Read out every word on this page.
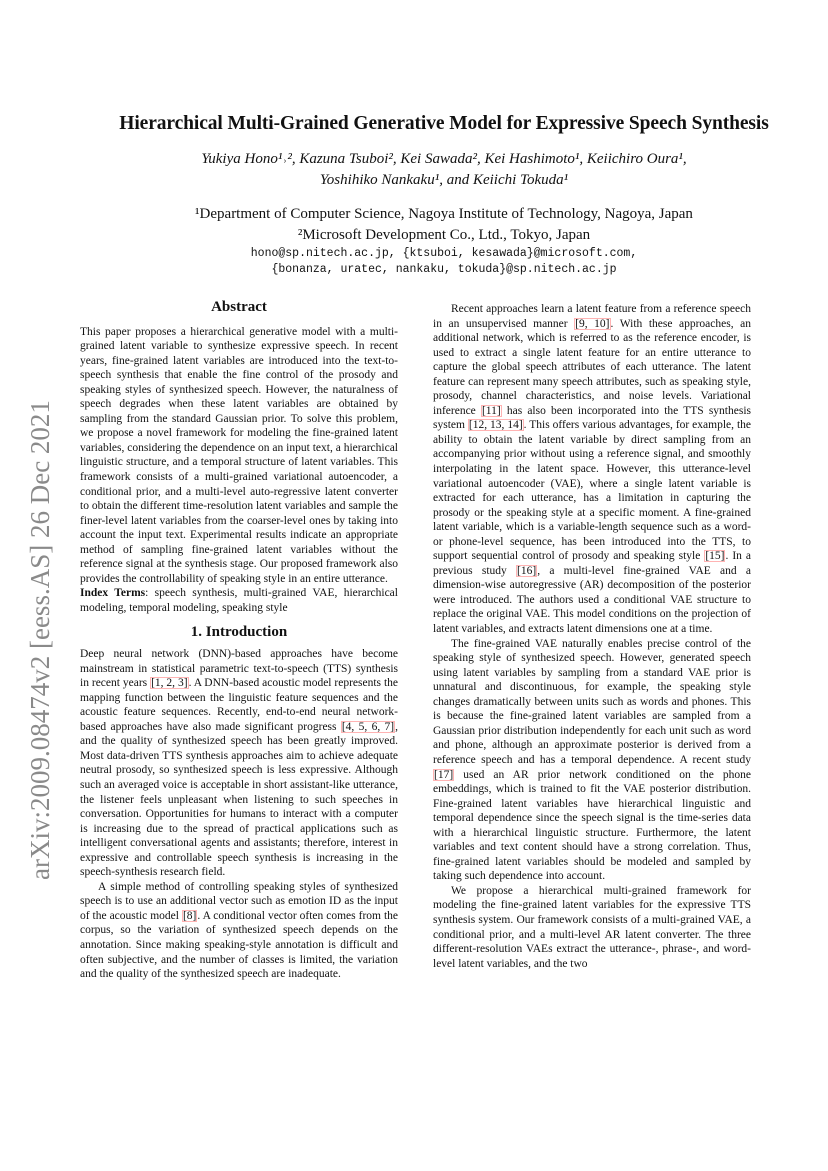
Hierarchical Multi-Grained Generative Model for Expressive Speech Synthesis
Yukiya Hono¹˒², Kazuna Tsuboi², Kei Sawada², Kei Hashimoto¹, Keiichiro Oura¹,
Yoshihiko Nankaku¹, and Keiichi Tokuda¹
¹Department of Computer Science, Nagoya Institute of Technology, Nagoya, Japan
²Microsoft Development Co., Ltd., Tokyo, Japan
hono@sp.nitech.ac.jp, {ktsuboi, kesawada}@microsoft.com,
{bonanza, uratec, nankaku, tokuda}@sp.nitech.ac.jp
arXiv:2009.08474v2 [eess.AS] 26 Dec 2021
Abstract

This paper proposes a hierarchical generative model with a multi-grained latent variable to synthesize expressive speech. In recent years, fine-grained latent variables are introduced into the text-to-speech synthesis that enable the fine control of the prosody and speaking styles of synthesized speech. However, the naturalness of speech degrades when these latent variables are obtained by sampling from the standard Gaussian prior. To solve this problem, we propose a novel framework for modeling the fine-grained latent variables, considering the dependence on an input text, a hierarchical linguistic structure, and a temporal structure of latent variables. This framework consists of a multi-grained variational autoencoder, a conditional prior, and a multi-level auto-regressive latent converter to obtain the different time-resolution latent variables and sample the finer-level latent variables from the coarser-level ones by taking into account the input text. Experimental results indicate an appropriate method of sampling fine-grained latent variables without the reference signal at the synthesis stage. Our proposed framework also provides the controllability of speaking style in an entire utterance.

Index Terms: speech synthesis, multi-grained VAE, hierarchical modeling, temporal modeling, speaking style

1. Introduction

Deep neural network (DNN)-based approaches have become mainstream in statistical parametric text-to-speech (TTS) synthesis in recent years [1, 2, 3]. A DNN-based acoustic model represents the mapping function between the linguistic feature sequences and the acoustic feature sequences. Recently, end-to-end neural network-based approaches have also made significant progress [4, 5, 6, 7], and the quality of synthesized speech has been greatly improved. Most data-driven TTS synthesis approaches aim to achieve adequate neutral prosody, so synthesized speech is less expressive. Although such an averaged voice is acceptable in short assistant-like utterance, the listener feels unpleasant when listening to such speeches in conversation. Opportunities for humans to interact with a computer is increasing due to the spread of practical applications such as intelligent conversational agents and assistants; therefore, interest in expressive and controllable speech synthesis is increasing in the speech-synthesis research field.

A simple method of controlling speaking styles of synthesized speech is to use an additional vector such as emotion ID as the input of the acoustic model [8]. A conditional vector often comes from the corpus, so the variation of synthesized speech depends on the annotation. Since making speaking-style annotation is difficult and often subjective, and the number of classes is limited, the variation and the quality of the synthesized speech are inadequate.

Recent approaches learn a latent feature from a reference speech in an unsupervised manner [9, 10]. With these approaches, an additional network, which is referred to as the reference encoder, is used to extract a single latent feature for an entire utterance to capture the global speech attributes of each utterance. The latent feature can represent many speech attributes, such as speaking style, prosody, channel characteristics, and noise levels. Variational inference [11] has also been incorporated into the TTS synthesis system [12, 13, 14]. This offers various advantages, for example, the ability to obtain the latent variable by direct sampling from an accompanying prior without using a reference signal, and smoothly interpolating in the latent space. However, this utterance-level variational autoencoder (VAE), where a single latent variable is extracted for each utterance, has a limitation in capturing the prosody or the speaking style at a specific moment. A fine-grained latent variable, which is a variable-length sequence such as a word- or phone-level sequence, has been introduced into the TTS, to support sequential control of prosody and speaking style [15]. In a previous study [16], a multi-level fine-grained VAE and a dimension-wise autoregressive (AR) decomposition of the posterior were introduced. The authors used a conditional VAE structure to replace the original VAE. This model conditions on the projection of latent variables, and extracts latent dimensions one at a time.

The fine-grained VAE naturally enables precise control of the speaking style of synthesized speech. However, generated speech using latent variables by sampling from a standard VAE prior is unnatural and discontinuous, for example, the speaking style changes dramatically between units such as words and phones. This is because the fine-grained latent variables are sampled from a Gaussian prior distribution independently for each unit such as word and phone, although an approximate posterior is derived from a reference speech and has a temporal dependence. A recent study [17] used an AR prior network conditioned on the phone embeddings, which is trained to fit the VAE posterior distribution. Fine-grained latent variables have hierarchical linguistic and temporal dependence since the speech signal is the time-series data with a hierarchical linguistic structure. Furthermore, the latent variables and text content should have a strong correlation. Thus, fine-grained latent variables should be modeled and sampled by taking such dependence into account.

We propose a hierarchical multi-grained framework for modeling the fine-grained latent variables for the expressive TTS synthesis system. Our framework consists of a multi-grained VAE, a conditional prior, and a multi-level AR latent converter. The three different-resolution VAEs extract the utterance-, phrase-, and word-level latent variables, and the two
